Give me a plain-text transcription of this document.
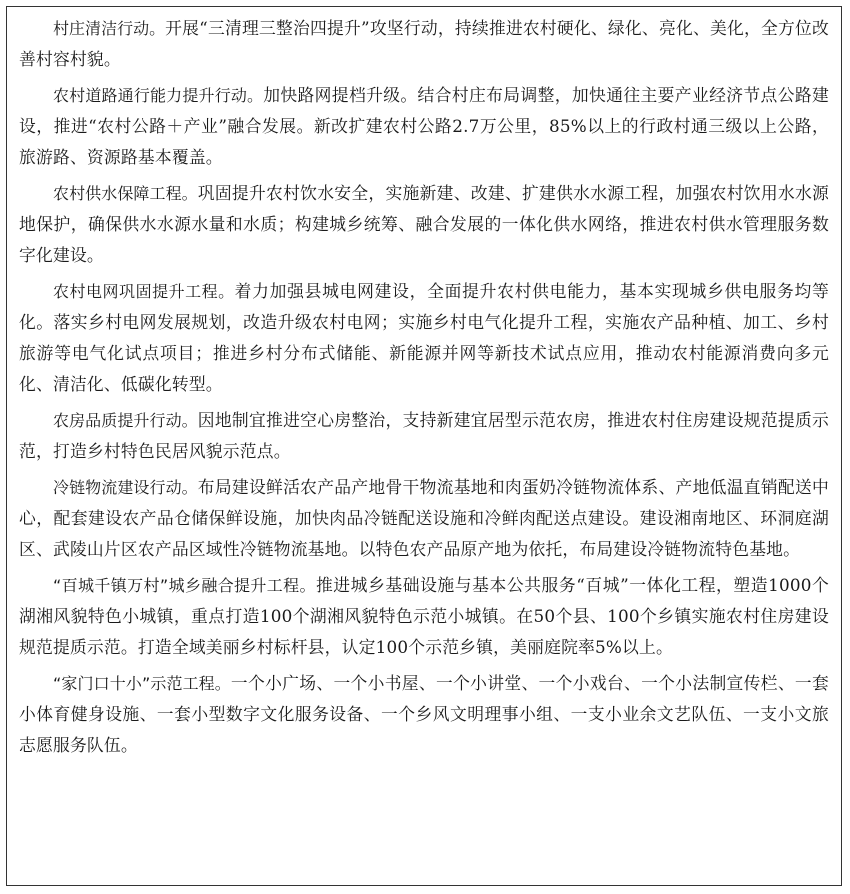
村庄清洁行动。开展“三清理三整治四提升”攻坚行动，持续推进农村硬化、绿化、亮化、美化，全方位改善村容村貌。

农村道路通行能力提升行动。加快路网提档升级。结合村庄布局调整，加快通往主要产业经济节点公路建设，推进“农村公路＋产业”融合发展。新改扩建农村公路2.7万公里，85%以上的行政村通三级以上公路，旅游路、资源路基本覆盖。

农村供水保障工程。巩固提升农村饮水安全，实施新建、改建、扩建供水水源工程，加强农村饮用水水源地保护，确保供水水源水量和水质；构建城乡统筹、融合发展的一体化供水网络，推进农村供水管理服务数字化建设。

农村电网巩固提升工程。着力加强县城电网建设，全面提升农村供电能力，基本实现城乡供电服务均等化。落实乡村电网发展规划，改造升级农村电网；实施乡村电气化提升工程，实施农产品种植、加工、乡村旅游等电气化试点项目；推进乡村分布式储能、新能源并网等新技术试点应用，推动农村能源消费向多元化、清洁化、低碳化转型。

农房品质提升行动。因地制宜推进空心房整治，支持新建宜居型示范农房，推进农村住房建设规范提质示范，打造乡村特色民居风貌示范点。

冷链物流建设行动。布局建设鲜活农产品产地骨干物流基地和肉蛋奶冷链物流体系、产地低温直销配送中心，配套建设农产品仓储保鲜设施，加快肉品冷链配送设施和冷鲜肉配送点建设。建设湘南地区、环洞庭湖区、武陵山片区农产品区域性冷链物流基地。以特色农产品原产地为依托，布局建设冷链物流特色基地。

“百城千镇万村”城乡融合提升工程。推进城乡基础设施与基本公共服务“百城”一体化工程，塑造1000个湖湘风貌特色小城镇，重点打造100个湖湘风貌特色示范小城镇。在50个县、100个乡镇实施农村住房建设规范提质示范。打造全域美丽乡村标杆县，认定100个示范乡镇，美丽庭院率5%以上。

“家门口十小”示范工程。一个小广场、一个小书屋、一个小讲堂、一个小戏台、一个小法制宣传栏、一套小体育健身设施、一套小型数字文化服务设备、一个乡风文明理事小组、一支小业余文艺队伍、一支小文旅志愿服务队伍。
